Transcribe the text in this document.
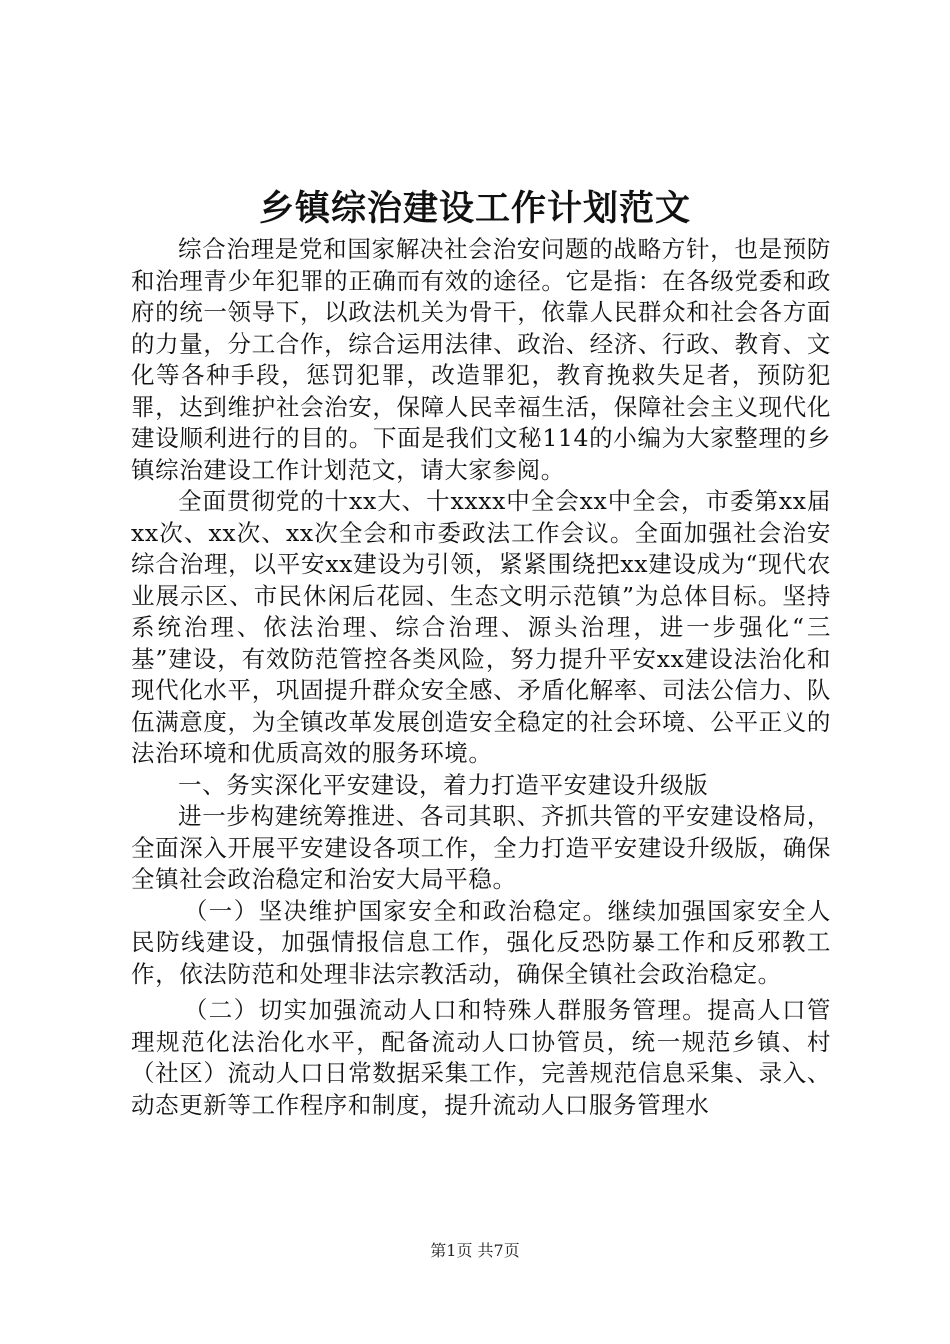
乡镇综治建设工作计划范文

综合治理是党和国家解决社会治安问题的战略方针，也是预防和治理青少年犯罪的正确而有效的途径。它是指：在各级党委和政府的统一领导下，以政法机关为骨干，依靠人民群众和社会各方面的力量，分工合作，综合运用法律、政治、经济、行政、教育、文化等各种手段，惩罚犯罪，改造罪犯，教育挽救失足者，预防犯罪，达到维护社会治安，保障人民幸福生活，保障社会主义现代化建设顺利进行的目的。下面是我们文秘114的小编为大家整理的乡镇综治建设工作计划范文，请大家参阅。

全面贯彻党的十xx大、十xxxx中全会xx中全会，市委第xx届xx次、xx次、xx次全会和市委政法工作会议。全面加强社会治安综合治理，以平安xx建设为引领，紧紧围绕把xx建设成为“现代农业展示区、市民休闲后花园、生态文明示范镇”为总体目标。坚持系统治理、依法治理、综合治理、源头治理，进一步强化“三基”建设，有效防范管控各类风险，努力提升平安xx建设法治化和现代化水平，巩固提升群众安全感、矛盾化解率、司法公信力、队伍满意度，为全镇改革发展创造安全稳定的社会环境、公平正义的法治环境和优质高效的服务环境。

一、务实深化平安建设，着力打造平安建设升级版

进一步构建统筹推进、各司其职、齐抓共管的平安建设格局，全面深入开展平安建设各项工作，全力打造平安建设升级版，确保全镇社会政治稳定和治安大局平稳。

（一）坚决维护国家安全和政治稳定。继续加强国家安全人民防线建设，加强情报信息工作，强化反恐防暴工作和反邪教工作，依法防范和处理非法宗教活动，确保全镇社会政治稳定。

（二）切实加强流动人口和特殊人群服务管理。提高人口管理规范化法治化水平，配备流动人口协管员，统一规范乡镇、村（社区）流动人口日常数据采集工作，完善规范信息采集、录入、动态更新等工作程序和制度，提升流动人口服务管理水

第1页 共7页
